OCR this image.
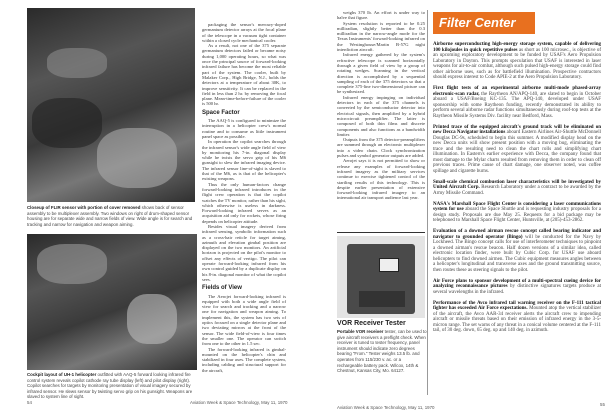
Closeup of FLIR sensor with portion of cover removed shows back of sensor assembly to be multiplexer assembly. Two windows on right of drum-shaped sensor housing are for separate wide and narrow fields of view. Wide angle is for search and tracking and narrow for navigation and weapon aiming.
Cockpit layout of UH-1 helicopter outfitted with AAQ-5 forward looking infrared fire control system reveals copilot cathode ray tube display (left) and pilot display (right). Copilot searches for targets by monitoring presentation of visual imagery secured by infrared sensor. He slews sensor by twisting servo grip on his gunsight. Weapons are slaved to system line of sight.

packaging the sensor's mercury-doped germanium detector arrays at the focal plane of the telescope in a vacuum tight container within a closed cycle mechanical cooler.

As a result, not one of the 375 separate germanium detectors failed or became noisy during 1,000 operating hours, so what was once the principal source of forward-looking infrared failure has become the most reliable part of the system. The cooler, built by Malaker Corp., High Bridge, N.J., holds the detectors at a temperature of about 30K, to improve sensitivity. It can be replaced in the field in less than 2 hr. by removing the focal plane. Mean-time-before-failure of the cooler is 500 hr.

Space Factor

The AAQ-5 is configured to minimize the interruption in a helicopter crew's normal routine and to consume as little instrument panel space as possible.

In operation the copilot searches through the infrared sensor's wide angle field of view by monitoring his 7-in. diagonal display while he twists the servo grip of his M6 gunsight to slew the infrared imaging device. The infrared sensor line-of-sight is slaved to that of the M6, as is that of the helicopter's existing weapons.

Thus the only human-factors change forward-looking infrared introduces in the flight crew operation is that the copilot watches the TV monitor, rather than his sight, which otherwise is useless in darkness. Forward-looking infrared serves as an acquisition aid only for rockets, whose firing depends on helicopter attitude.

Besides visual imagery derived from infrared sensing, symbolic information such as a cross-hair reticle for target aiming, azimuth and elevation gimbal position are displayed on the two monitors. An artificial horizon is projected on the pilot's monitor to offset any effects of vertigo. The pilot can operate forward-looking infrared from his own control guided by a duplicate display on his 8-in. diagonal monitor of what the copilot sees.

Fields of View

The Aerojet forward-looking infrared is equipped with both a wide angle field of view for search and tracking and a narrow one for navigation and weapon aiming. To implement this, the system has two sets of optics focused on a single detector plane and two deviating mirrors at the front of the sensor. The wide field-of-view is four times the smaller one. The operator can switch from one to the other in 1.5 sec.

The forward-looking infrared is gimbal-mounted on the helicopter's chin and stabilized in four axes. The complete system, including cabling and structural support for the aircraft,

54	Aviation Week & Space Technology, May 11, 1970

weighs 370 lb. An effort is under way to halve that figure.

System resolution is reported to be 0.25 milliradian, slightly better than the 0.3 milliradian in the narrow-angle mode for the Texas Instruments' forward-looking infrared on the Westinghouse/Martin B-57G night interdiction aircraft.

Infrared energy gathered by the system's refractive telescope is scanned horizontally through a given field of view by a group of rotating wedges. Scanning in the vertical direction is accomplished by a sequential sampling of each of the 375 detectors so that a complete 375-line two-dimensional picture can be synthesized.

Infrared energy impinging on individual detectors in each of the 375 channels is converted by the semiconductor detector into electrical signals, then amplified by a hybrid microcircuit preamplifier. The latter is composed of both thin films and discrete components and also functions as a bandwidth limiter.

Outputs from the 375 detector-preamplifiers are summed through an electronic multiplexer into a video chain. Clock synchronization pulses and symbol generator outputs are added.

Aerojet says it is not permitted to show or release any examples of forward-looking infrared imagery as the military services continue to exercise tightened control of the startling results of this technology. This is despite earlier presentation of extensive forward-looking infrared imagery to an international air transport audience last year.

VOR Receiver Tester
Portable VOR receiver tester, can be used to give aircraft receivers a preflight check. When receiver is tuned to tester frequency, panel instrument should indicate zero degrees bearing "From." Tester weighs 13.5 lb. and operates from 115/230 v. ac. or a rechargeable battery pack. Wilcox, 14th & Chestnut, Kansas City, Mo. 64127.
Filter Center

Airborne superconducting high-energy storage system, capable of delivering 100 kilojoules in quick repetitive pulses as short as 100 microsec., is objective of an upcoming exploratory development to be funded by USAF's Aero Propulsion Laboratory in Dayton. This prompts speculation that USAF is interested in laser weapons for air-to-air combat, although such pulsed high-energy storage could find other airborne uses, such as for battlefield illumination. Prospective contractors should express interest to Code APIE-2 at the Aero Propulsion Laboratory.

First flight tests of an experimental airborne multi-mode phased-array electronic-scan radar, the Raytheon AN/APQ-140, are slated to begin in October aboard a USAF/Boeing KC-135. The APQ-140, developed under USAF sponsorship with some Raytheon funding, recently demonstrated its ability to perform several airborne radar functions simultaneously during roof-top tests at the Raytheon Missile Systems Div. facility near Bedford, Mass.

Printed trace of the equipped aircraft's ground track will be eliminated on new Decca Navigator installations aboard Eastern Airlines Air-Shuttle McDonnell Douglas DC-9s, scheduled to begin this summer. A modified display head on the new Decca units will show present position with a moving bug, eliminating the trace and the resulting need to clean the chart rolls and simplifying chart illumination. In Eastern's earlier experience with Decca, the company found that most damage to the Mylar charts resulted from removing them in order to clean off previous traces. Prime cause of chart damage, one observer noted, was coffee spillage and cigarette burns.

Small-scale chemical combustion laser characteristics will be investigated by United Aircraft Corp. Research Laboratory under a contract to be awarded by the Army Missile Command.

NASA's Marshall Space Flight Center is considering a laser communications system for use aboard the Space Shuttle and is requesting industry proposals for a design study. Proposals are due May 25. Requests for a bid package may be telephoned to Marshall Space Flight Center, Huntsville, at (205)-453-2862.

Evaluation of a downed airman rescue concept called bearing indicator and navigator to grounded operator (Bingo) will be conducted for the Navy by Lockheed. The Bingo concept calls for use of interferometer techniques to pinpoint a downed airman's rescue beacon. Half dozen versions of a similar idea, called electronic location finder, were built by Cubic Corp. for USAF use aboard helicopters to find downed airmen. The Cubic equipment measures angles between a helicopter's longitudinal and transverse axes and the ground transmitting source, then routes these as steering signals to the pilot.

Air Force plans to sponsor development of a multi-spectral cueing device for analyzing reconnaissance pictures by distinctive signatures targets produce at several wavelengths in the infrared.

Performance of the Avco infrared tail warning receiver on the F-111 tactical fighter has exceeded Air Force expectations. Mounted atop the vertical stabilizer of the aircraft, the Avco AAR-34 receiver alerts the aircraft crew to impending aircraft or missile threats based on their emission of infrared energy in the 3-5-micron range. The set warns of any threat in a conical volume centered at the F-111 tail, of 30 deg. down, 65 deg. up and 140 deg. in azimuth.

Aviation Week & Space Technology, May 11, 1970
55
